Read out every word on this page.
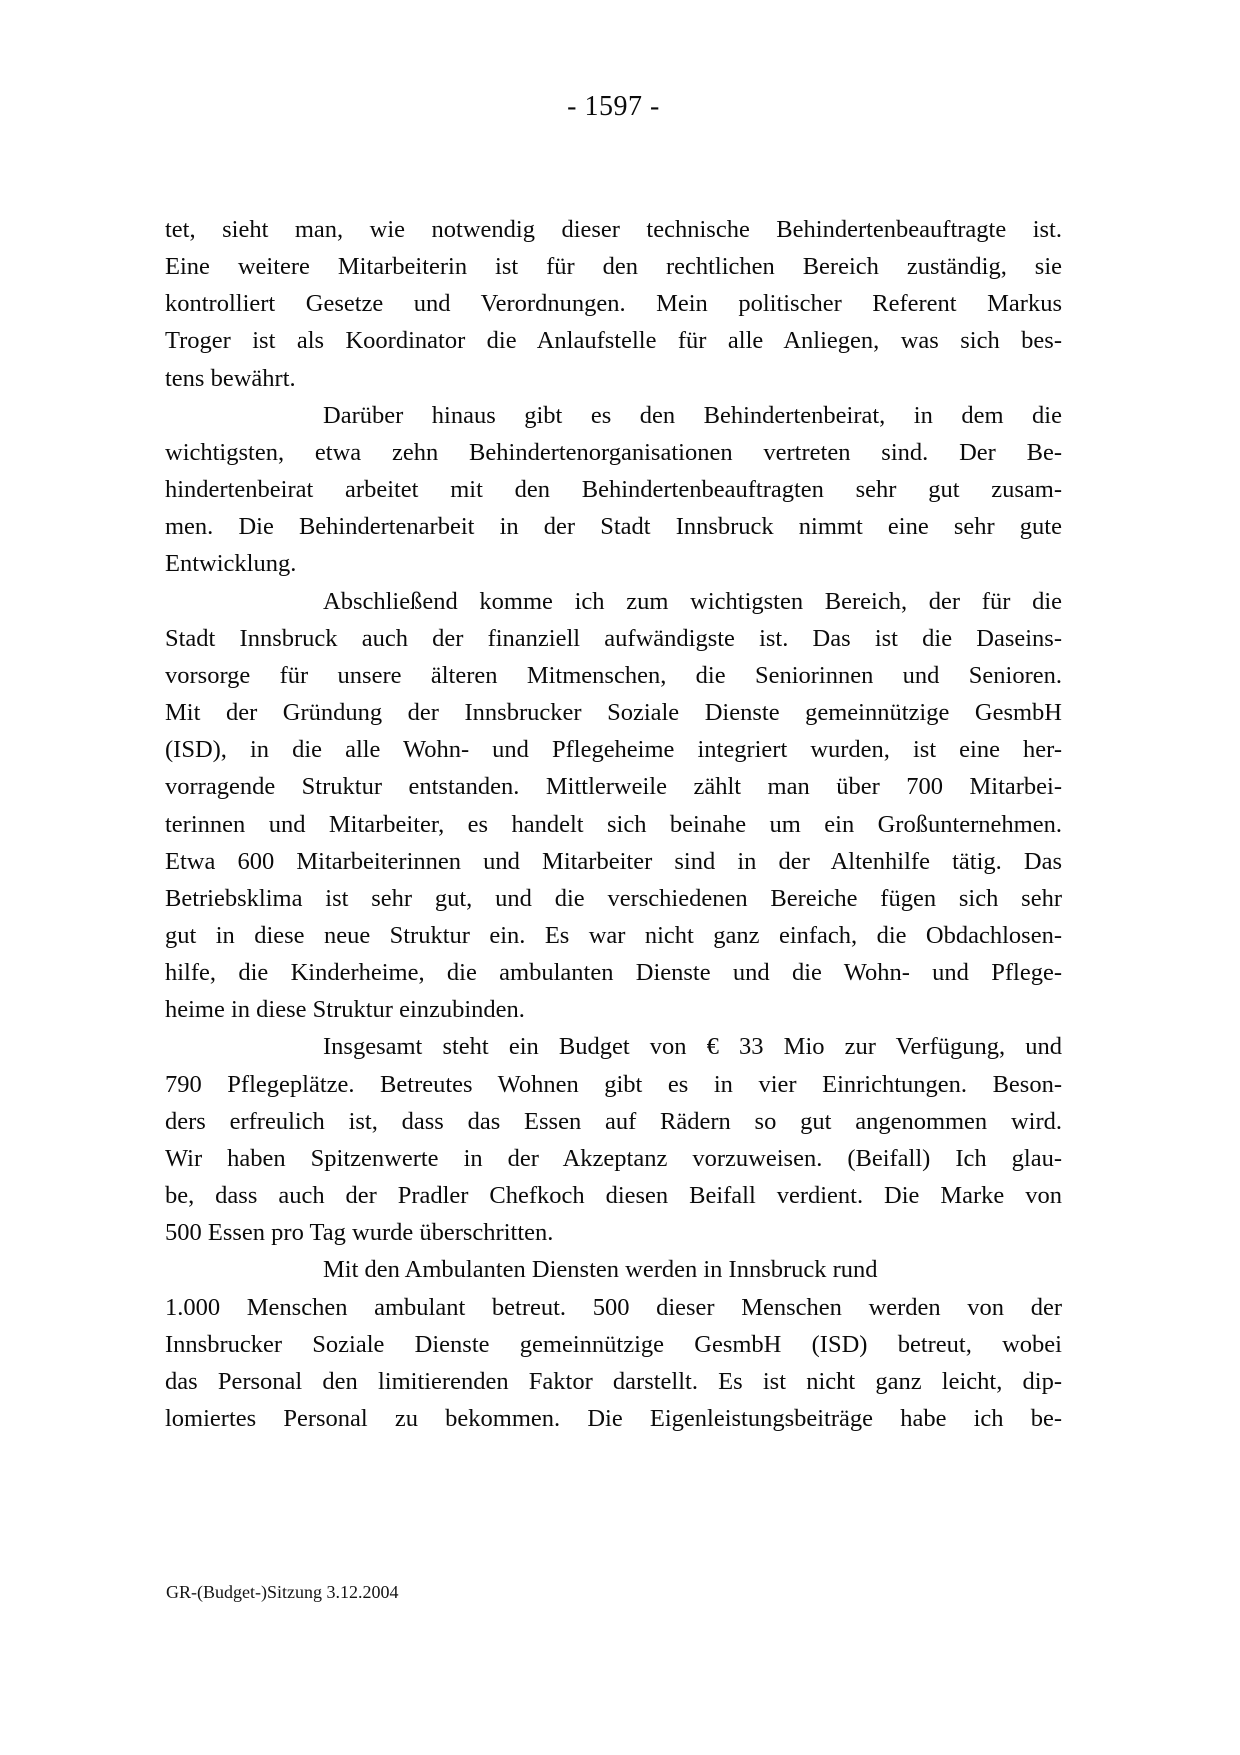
- 1597 -
tet, sieht man, wie notwendig dieser technische Behindertenbeauftragte ist.
Eine weitere Mitarbeiterin ist für den rechtlichen Bereich zuständig, sie
kontrolliert Gesetze und Verordnungen. Mein politischer Referent Markus
Troger ist als Koordinator die Anlaufstelle für alle Anliegen, was sich bes-
tens bewährt.
Darüber hinaus gibt es den Behindertenbeirat, in dem die
wichtigsten, etwa zehn Behindertenorganisationen vertreten sind. Der Be-
hindertenbeirat arbeitet mit den Behindertenbeauftragten sehr gut zusam-
men. Die Behindertenarbeit in der Stadt Innsbruck nimmt eine sehr gute
Entwicklung.
Abschließend komme ich zum wichtigsten Bereich, der für die
Stadt Innsbruck auch der finanziell aufwändigste ist. Das ist die Daseins-
vorsorge für unsere älteren Mitmenschen, die Seniorinnen und Senioren.
Mit der Gründung der Innsbrucker Soziale Dienste gemeinnützige GesmbH
(ISD), in die alle Wohn- und Pflegeheime integriert wurden, ist eine her-
vorragende Struktur entstanden. Mittlerweile zählt man über 700 Mitarbei-
terinnen und Mitarbeiter, es handelt sich beinahe um ein Großunternehmen.
Etwa 600 Mitarbeiterinnen und Mitarbeiter sind in der Altenhilfe tätig. Das
Betriebsklima ist sehr gut, und die verschiedenen Bereiche fügen sich sehr
gut in diese neue Struktur ein. Es war nicht ganz einfach, die Obdachlosen-
hilfe, die Kinderheime, die ambulanten Dienste und die Wohn- und Pflege-
heime in diese Struktur einzubinden.
Insgesamt steht ein Budget von € 33 Mio zur Verfügung, und
790 Pflegeplätze. Betreutes Wohnen gibt es in vier Einrichtungen. Beson-
ders erfreulich ist, dass das Essen auf Rädern so gut angenommen wird.
Wir haben Spitzenwerte in der Akzeptanz vorzuweisen. (Beifall) Ich glau-
be, dass auch der Pradler Chefkoch diesen Beifall verdient. Die Marke von
500 Essen pro Tag wurde überschritten.
Mit den Ambulanten Diensten werden in Innsbruck rund
1.000 Menschen ambulant betreut. 500 dieser Menschen werden von der
Innsbrucker Soziale Dienste gemeinnützige GesmbH (ISD) betreut, wobei
das Personal den limitierenden Faktor darstellt. Es ist nicht ganz leicht, dip-
lomiertes Personal zu bekommen. Die Eigenleistungsbeiträge habe ich be-
GR-(Budget-)Sitzung 3.12.2004
